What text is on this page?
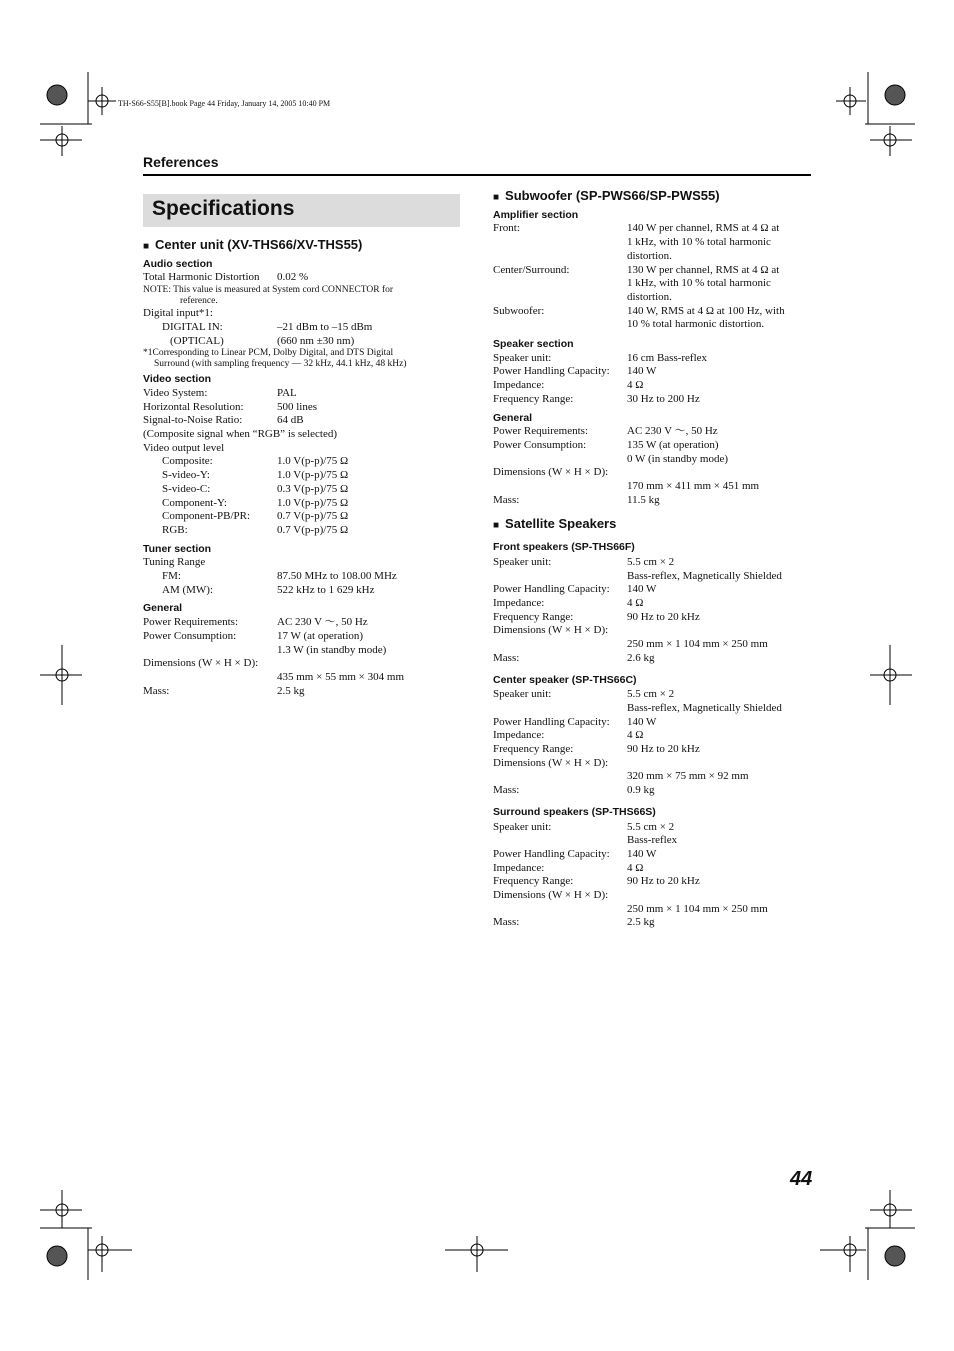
TH-S66-S55[B].book Page 44 Friday, January 14, 2005 10:40 PM
References
Specifications
■ Center unit (XV-THS66/XV-THS55)
Audio section
Total Harmonic Distortion	0.02 %
NOTE: This value is measured at System cord CONNECTOR for
reference.
Digital input*1:
DIGITAL IN:	–21 dBm to –15 dBm
(OPTICAL)	(660 nm ±30 nm)
*1Corresponding to Linear PCM, Dolby Digital, and DTS Digital
Surround (with sampling frequency — 32 kHz, 44.1 kHz, 48 kHz)
Video section
Video System:	PAL
Horizontal Resolution:	500 lines
Signal-to-Noise Ratio:	64 dB
(Composite signal when “RGB” is selected)
Video output level
Composite:	1.0 V(p-p)/75 Ω
S-video-Y:	1.0 V(p-p)/75 Ω
S-video-C:	0.3 V(p-p)/75 Ω
Component-Y:	1.0 V(p-p)/75 Ω
Component-PB/PR:	0.7 V(p-p)/75 Ω
RGB:	0.7 V(p-p)/75 Ω
Tuner section
Tuning Range
FM:	87.50 MHz to 108.00 MHz
AM (MW):	522 kHz to 1 629 kHz
General
Power Requirements:	AC 230 V ～, 50 Hz
Power Consumption:	17 W (at operation)
1.3 W (in standby mode)
Dimensions (W × H × D):
435 mm × 55 mm × 304 mm
Mass:	2.5 kg
■ Subwoofer (SP-PWS66/SP-PWS55)
Amplifier section
Front:	140 W per channel, RMS at 4 Ω at
1 kHz, with 10 % total harmonic
distortion.
Center/Surround:	130 W per channel, RMS at 4 Ω at
1 kHz, with 10 % total harmonic
distortion.
Subwoofer:	140 W, RMS at 4 Ω at 100 Hz, with
10 % total harmonic distortion.
Speaker section
Speaker unit:	16 cm Bass-reflex
Power Handling Capacity:	140 W
Impedance:	4 Ω
Frequency Range:	30 Hz to 200 Hz
General
Power Requirements:	AC 230 V ～, 50 Hz
Power Consumption:	135 W (at operation)
0 W (in standby mode)
Dimensions (W × H × D):
170 mm × 411 mm × 451 mm
Mass:	11.5 kg
■ Satellite Speakers
Front speakers (SP-THS66F)
Speaker unit:	5.5 cm × 2
Bass-reflex, Magnetically Shielded
Power Handling Capacity:	140 W
Impedance:	4 Ω
Frequency Range:	90 Hz to 20 kHz
Dimensions (W × H × D):
250 mm × 1 104 mm × 250 mm
Mass:	2.6 kg
Center speaker (SP-THS66C)
Speaker unit:	5.5 cm × 2
Bass-reflex, Magnetically Shielded
Power Handling Capacity:	140 W
Impedance:	4 Ω
Frequency Range:	90 Hz to 20 kHz
Dimensions (W × H × D):
320 mm × 75 mm × 92 mm
Mass:	0.9 kg
Surround speakers (SP-THS66S)
Speaker unit:	5.5 cm × 2
Bass-reflex
Power Handling Capacity:	140 W
Impedance:	4 Ω
Frequency Range:	90 Hz to 20 kHz
Dimensions (W × H × D):
250 mm × 1 104 mm × 250 mm
Mass:	2.5 kg
44
